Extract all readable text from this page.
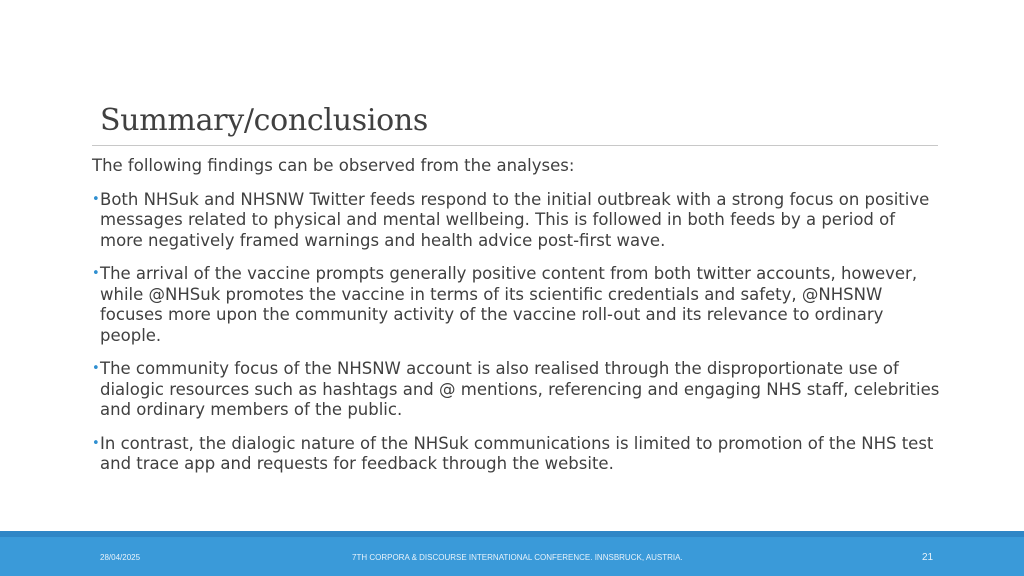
Summary/conclusions

The following findings can be observed from the analyses:

• Both NHSuk and NHSNW Twitter feeds respond to the initial outbreak with a strong focus on positive messages related to physical and mental wellbeing. This is followed in both feeds by a period of more negatively framed warnings and health advice post-first wave.
• The arrival of the vaccine prompts generally positive content from both twitter accounts, however, while @NHSuk promotes the vaccine in terms of its scientific credentials and safety, @NHSNW focuses more upon the community activity of the vaccine roll-out and its relevance to ordinary people.
• The community focus of the NHSNW account is also realised through the disproportionate use of dialogic resources such as hashtags and @ mentions, referencing and engaging NHS staff, celebrities and ordinary members of the public.
• In contrast, the dialogic nature of the NHSuk communications is limited to promotion of the NHS test and trace app and requests for feedback through the website.
28/04/2025	7TH CORPORA & DISCOURSE INTERNATIONAL CONFERENCE. INNSBRUCK, AUSTRIA.	21
